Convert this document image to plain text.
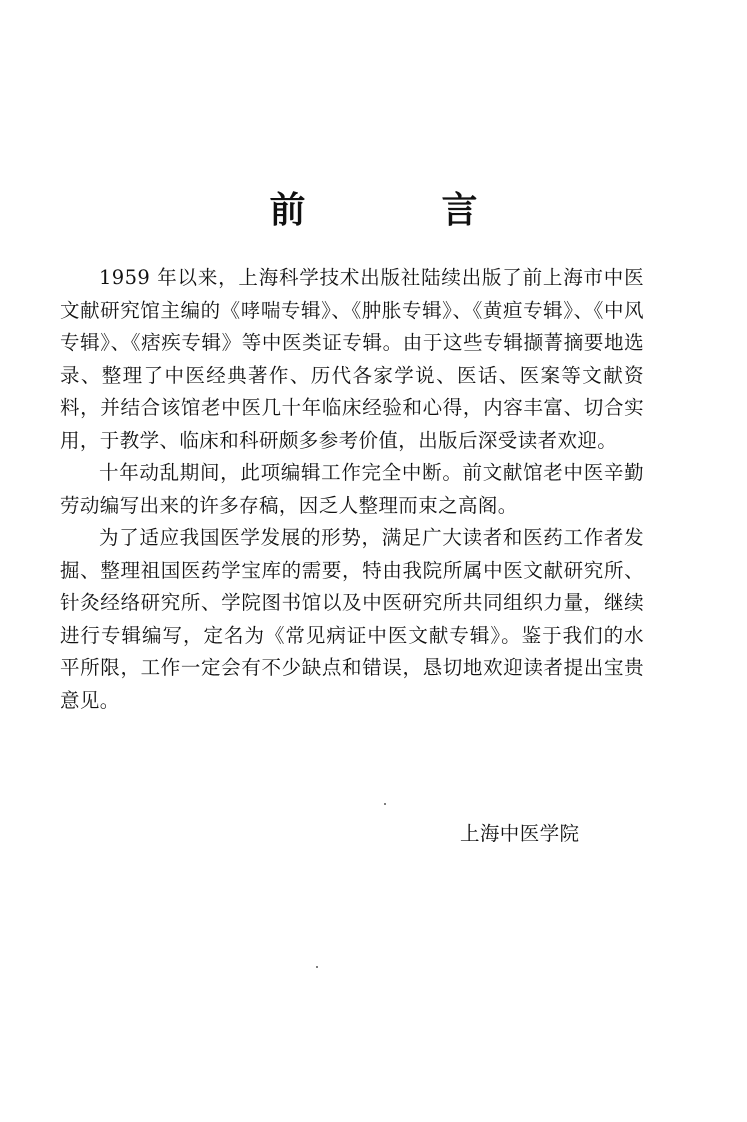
前　言

1959 年以来，上海科学技术出版社陆续出版了前上海市中医文献研究馆主编的《哮喘专辑》、《肿胀专辑》、《黄疸专辑》、《中风专辑》、《痞疾专辑》等中医类证专辑。由于这些专辑撷菁摘要地选录、整理了中医经典著作、历代各家学说、医话、医案等文献资料，并结合该馆老中医几十年临床经验和心得，内容丰富、切合实用，于教学、临床和科研颇多参考价值，出版后深受读者欢迎。

十年动乱期间，此项编辑工作完全中断。前文献馆老中医辛勤劳动编写出来的许多存稿，因乏人整理而束之高阁。

为了适应我国医学发展的形势，满足广大读者和医药工作者发掘、整理祖国医药学宝库的需要，特由我院所属中医文献研究所、针灸经络研究所、学院图书馆以及中医研究所共同组织力量，继续进行专辑编写，定名为《常见病证中医文献专辑》。鉴于我们的水平所限，工作一定会有不少缺点和错误，恳切地欢迎读者提出宝贵意见。

上海中医学院
